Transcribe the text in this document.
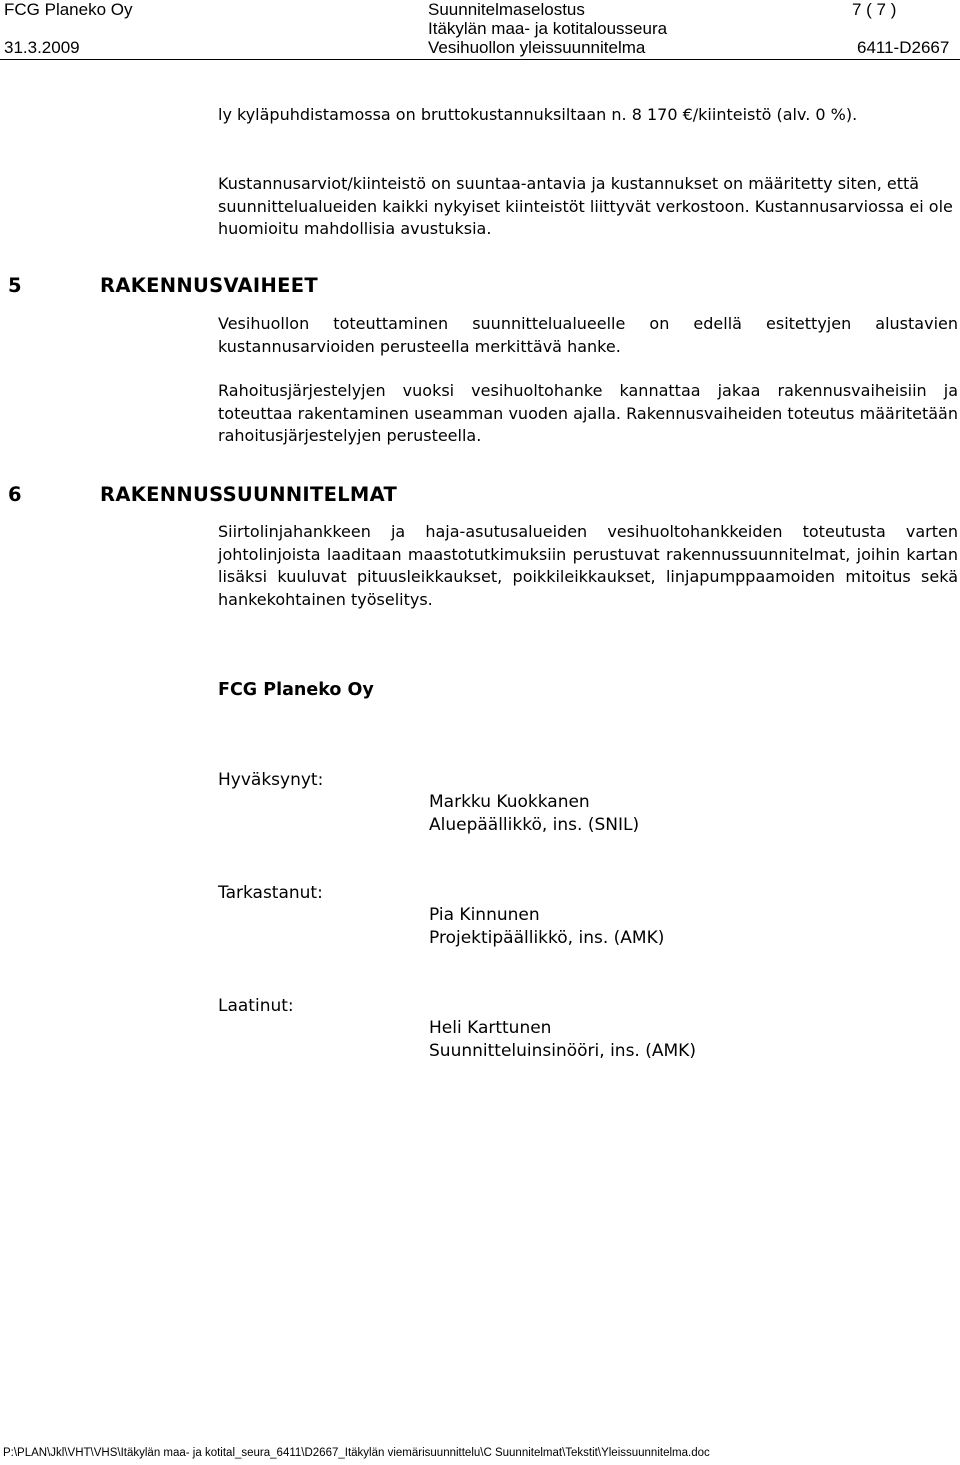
FCG Planeko Oy
31.3.2009
Suunnitelmaselostus
Itäkylän maa- ja kotitalousseura
Vesihuollon yleissuunnitelma
7 ( 7 )
6411-D2667

ly kyläpuhdistamossa on bruttokustannuksiltaan n. 8 170 €/kiinteistö (alv. 0 %).

Kustannusarviot/kiinteistö on suuntaa-antavia ja kustannukset on määritetty siten, että suunnittelualueiden kaikki nykyiset kiinteistöt liittyvät verkostoon. Kustannusarviossa ei ole huomioitu mahdollisia avustuksia.

5	RAKENNUSVAIHEET

Vesihuollon toteuttaminen suunnittelualueelle on edellä esitettyjen alustavien kustannusarvioiden perusteella merkittävä hanke.

Rahoitusjärjestelyjen vuoksi vesihuoltohanke kannattaa jakaa rakennusvaiheisiin ja toteuttaa rakentaminen useamman vuoden ajalla. Rakennusvaiheiden toteutus määritetään rahoitusjärjestelyjen perusteella.

6	RAKENNUSSUUNNITELMAT

Siirtolinjahankkeen ja haja-asutusalueiden vesihuoltohankkeiden toteutusta varten johtolinjoista laaditaan maastotutkimuksiin perustuvat rakennussuunnitelmat, joihin kartan lisäksi kuuluvat pituusleikkaukset, poikkileikkaukset, linjapumppaamoiden mitoitus sekä hankekohtainen työselitys.

FCG Planeko Oy
Hyväksynyt:
Markku Kuokkanen
Aluepäällikkö, ins. (SNIL)
Tarkastanut:
Pia Kinnunen
Projektipäällikkö, ins. (AMK)
Laatinut:
Heli Karttunen
Suunnitteluinsinööri, ins. (AMK)
P:\PLAN\Jkl\VHT\VHS\Itäkylän maa- ja kotital_seura_6411\D2667_Itäkylän viemärisuunnittelu\C Suunnitelmat\Tekstit\Yleissuunnitelma.doc
